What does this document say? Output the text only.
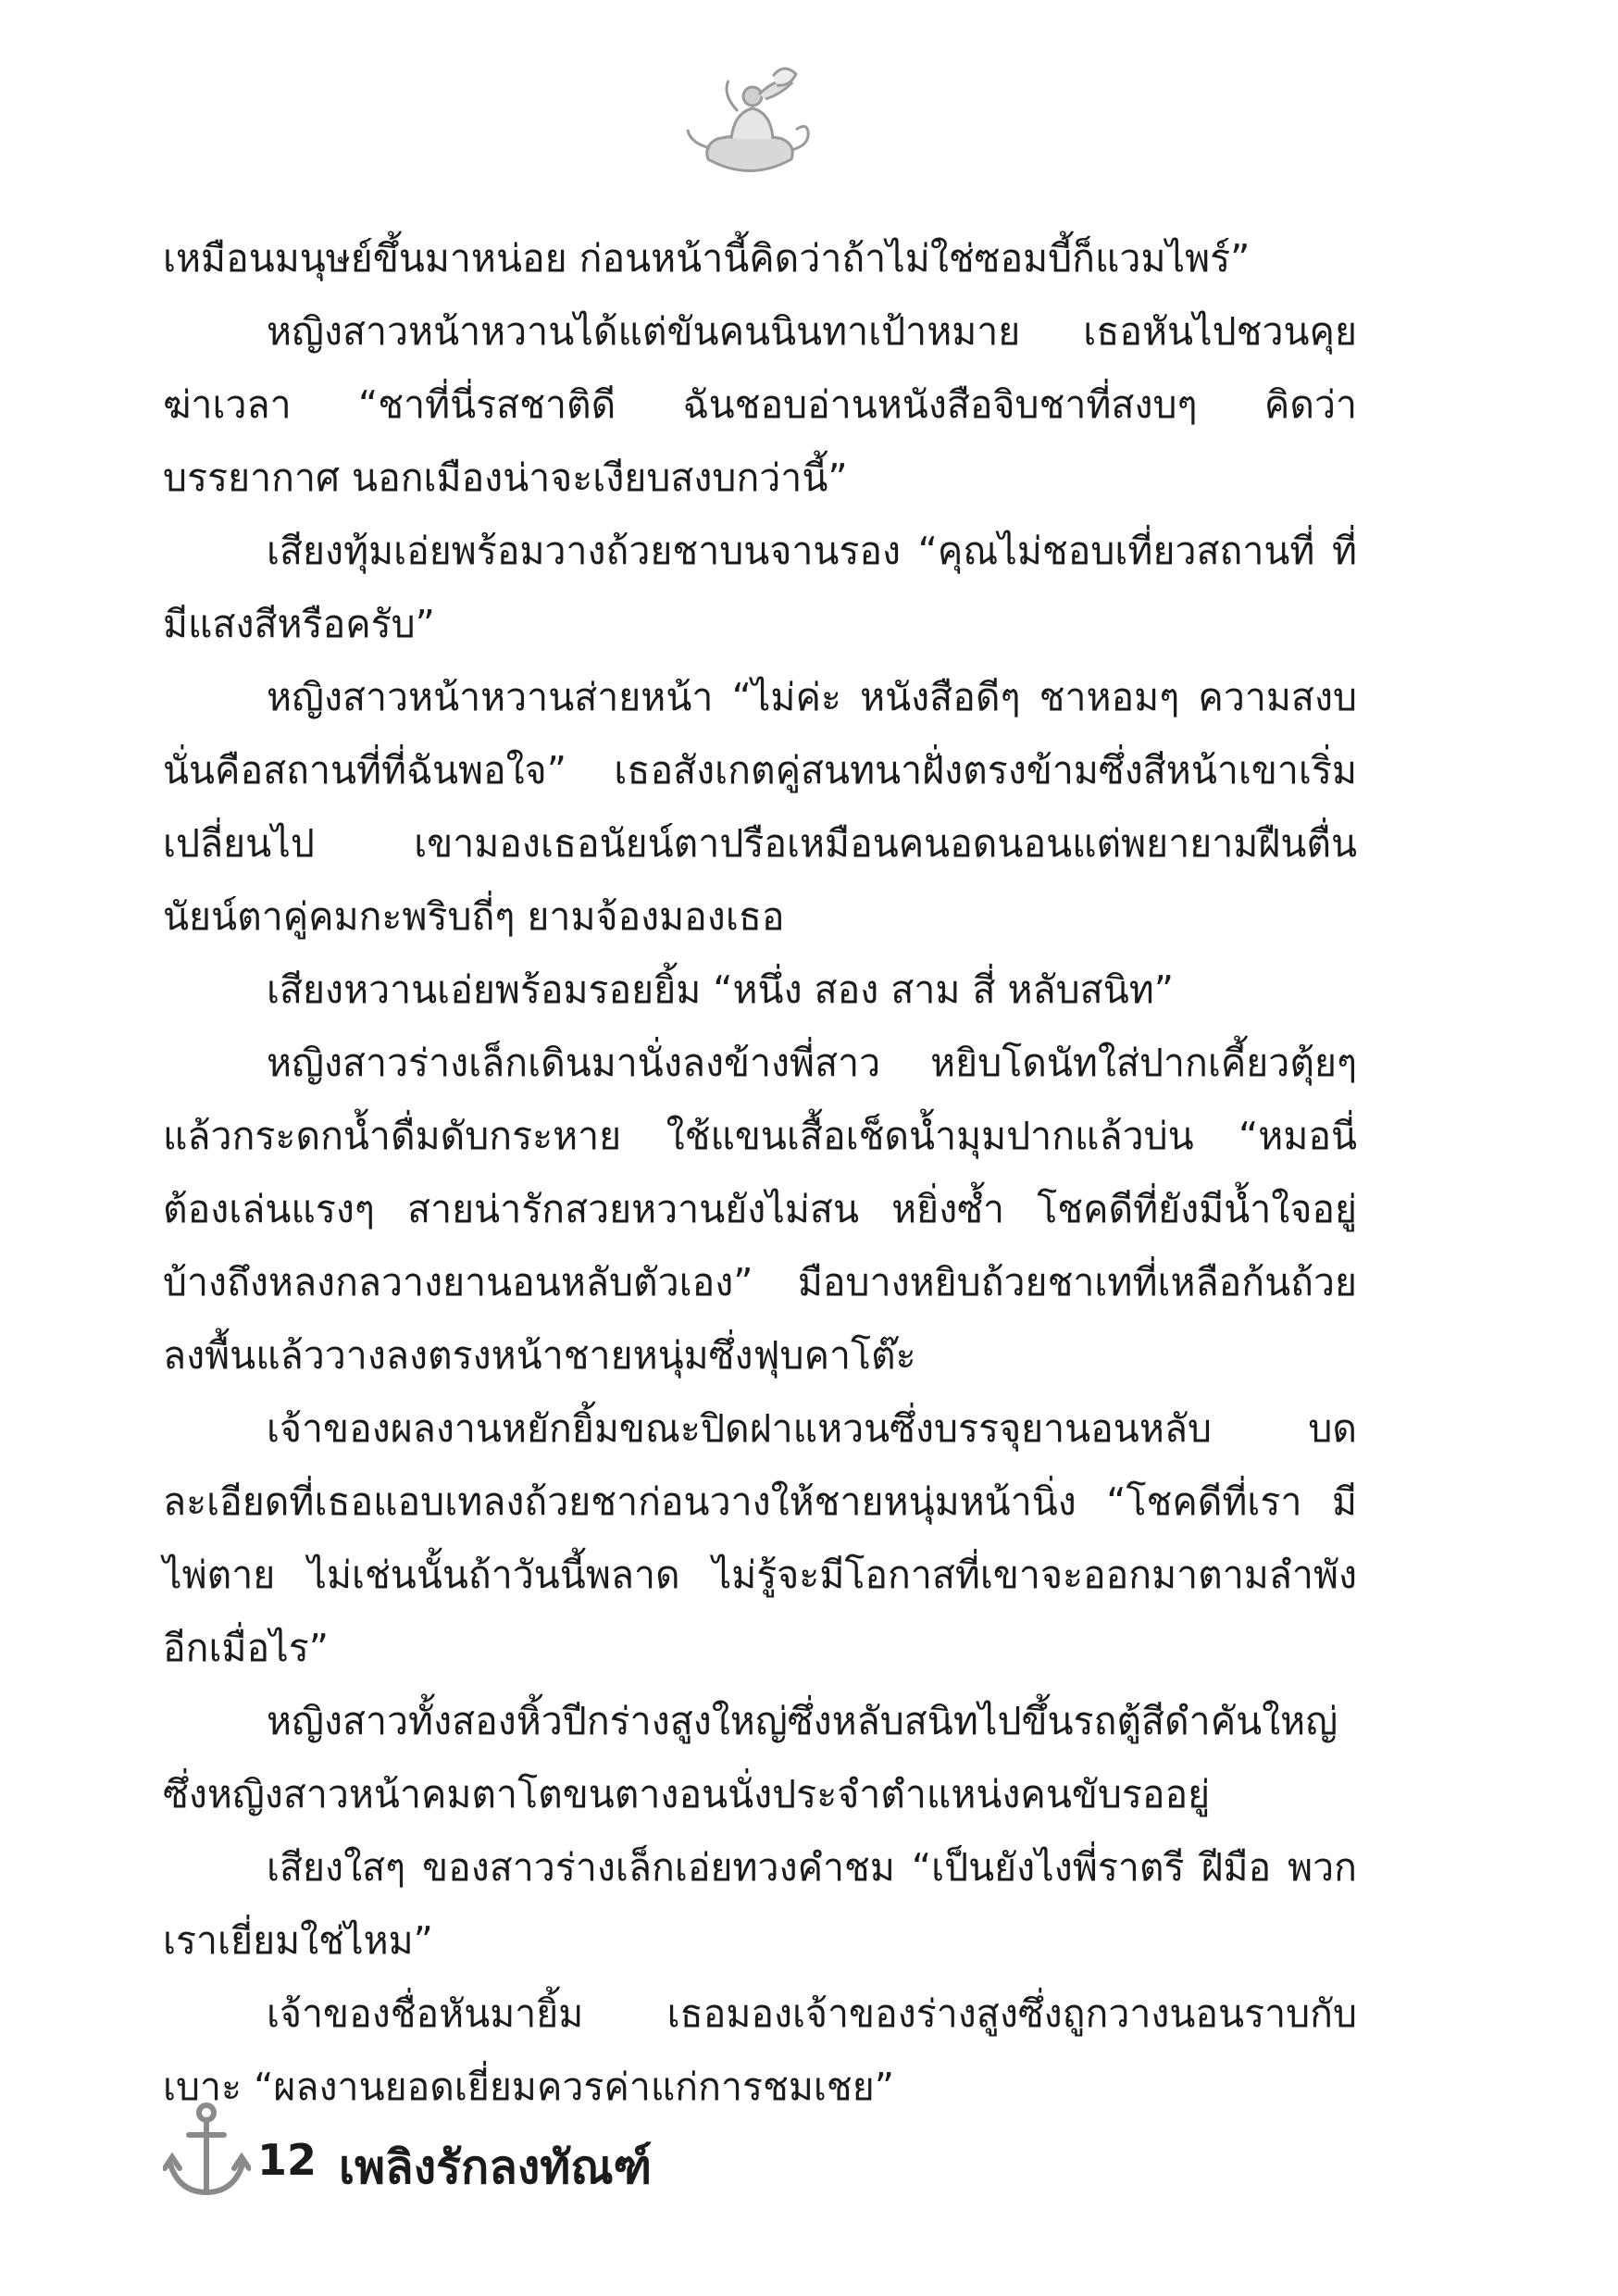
เหมือนมนุษย์ขึ้นมาหน่อย ก่อนหน้านี้คิดว่าถ้าไม่ใช่ซอมบี้ก็แวมไพร์”

หญิงสาวหน้าหวานได้แต่ขันคนนินทาเป้าหมาย เธอหันไปชวนคุย ฆ่าเวลา “ชาที่นี่รสชาติดี ฉันชอบอ่านหนังสือจิบชาที่สงบๆ คิดว่าบรรยากาศ นอกเมืองน่าจะเงียบสงบกว่านี้”

เสียงทุ้มเอ่ยพร้อมวางถ้วยชาบนจานรอง “คุณไม่ชอบเที่ยวสถานที่ ที่มีแสงสีหรือครับ”

หญิงสาวหน้าหวานส่ายหน้า “ไม่ค่ะ หนังสือดีๆ ชาหอมๆ ความสงบ นั่นคือสถานที่ที่ฉันพอใจ” เธอสังเกตคู่สนทนาฝั่งตรงข้ามซึ่งสีหน้าเขาเริ่ม เปลี่ยนไป เขามองเธอนัยน์ตาปรือเหมือนคนอดนอนแต่พยายามฝืนตื่น นัยน์ตาคู่คมกะพริบถี่ๆ ยามจ้องมองเธอ

เสียงหวานเอ่ยพร้อมรอยยิ้ม “หนึ่ง สอง สาม สี่ หลับสนิท”

หญิงสาวร่างเล็กเดินมานั่งลงข้างพี่สาว หยิบโดนัทใส่ปากเคี้ยวตุ้ยๆ แล้วกระดกน้ำดื่มดับกระหาย ใช้แขนเสื้อเช็ดน้ำมุมปากแล้วบ่น “หมอนี่ ต้องเล่นแรงๆ สายน่ารักสวยหวานยังไม่สน หยิ่งซ้ำ โชคดีที่ยังมีน้ำใจอยู่ บ้างถึงหลงกลวางยานอนหลับตัวเอง” มือบางหยิบถ้วยชาเทที่เหลือก้นถ้วย ลงพื้นแล้ววางลงตรงหน้าชายหนุ่มซึ่งฟุบคาโต๊ะ

เจ้าของผลงานหยักยิ้มขณะปิดฝาแหวนซึ่งบรรจุยานอนหลับ	บดละเอียดที่เธอแอบเทลงถ้วยชาก่อนวางให้ชายหนุ่มหน้านิ่ง “โชคดีที่เรา มีไพ่ตาย ไม่เช่นนั้นถ้าวันนี้พลาด ไม่รู้จะมีโอกาสที่เขาจะออกมาตามลำพัง อีกเมื่อไร”

หญิงสาวทั้งสองหิ้วปีกร่างสูงใหญ่ซึ่งหลับสนิทไปขึ้นรถตู้สีดำคันใหญ่ ซึ่งหญิงสาวหน้าคมตาโตขนตางอนนั่งประจำตำแหน่งคนขับรออยู่

เสียงใสๆ ของสาวร่างเล็กเอ่ยทวงคำชม “เป็นยังไงพี่ราตรี ฝีมือ พวกเราเยี่ยมใช่ไหม”

เจ้าของชื่อหันมายิ้ม เธอมองเจ้าของร่างสูงซึ่งถูกวางนอนราบกับเบาะ “ผลงานยอดเยี่ยมควรค่าแก่การชมเชย”

12 เพลิงรักลงทัณฑ์
